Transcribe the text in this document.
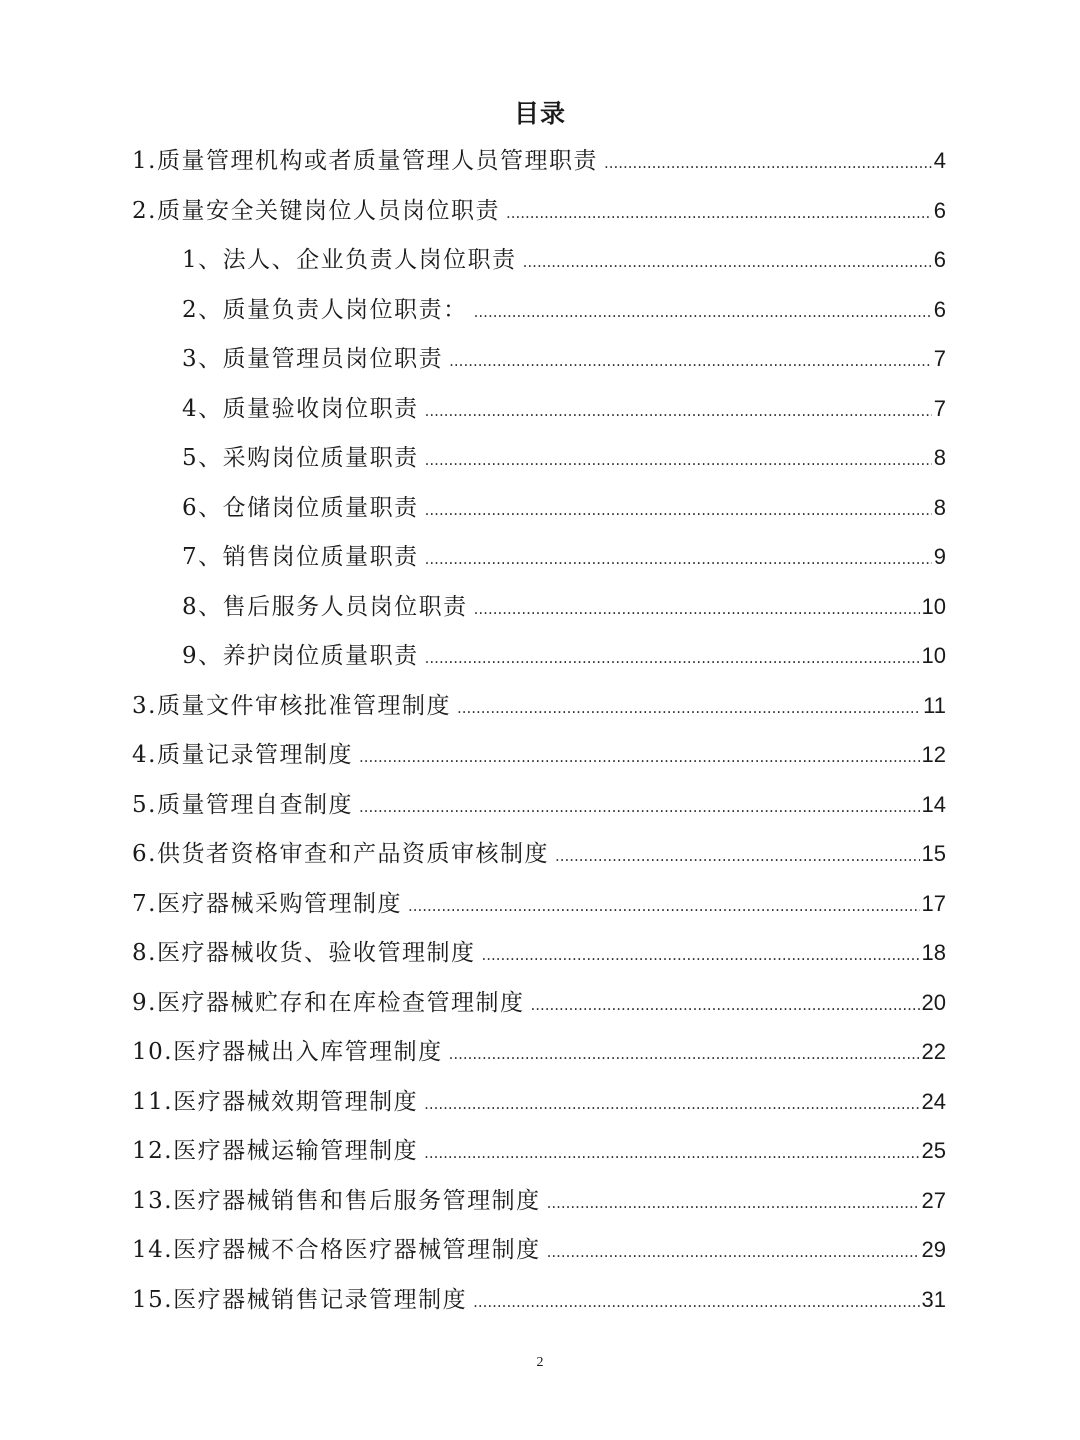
目录
1.质量管理机构或者质量管理人员管理职责 .....	4
2.质量安全关键岗位人员岗位职责 .....	6
1、法人、企业负责人岗位职责 .....	6
2、质量负责人岗位职责： .....	6
3、质量管理员岗位职责 .....	7
4、质量验收岗位职责 .....	7
5、采购岗位质量职责 .....	8
6、仓储岗位质量职责 .....	8
7、销售岗位质量职责 .....	9
8、售后服务人员岗位职责 .....	10
9、养护岗位质量职责 .....	10
3.质量文件审核批准管理制度 .....	11
4.质量记录管理制度 .....	12
5.质量管理自查制度 .....	14
6.供货者资格审查和产品资质审核制度 .....	15
7.医疗器械采购管理制度 .....	17
8.医疗器械收货、验收管理制度 .....	18
9.医疗器械贮存和在库检查管理制度 .....	20
10.医疗器械出入库管理制度 .....	22
11.医疗器械效期管理制度 .....	24
12.医疗器械运输管理制度 .....	25
13.医疗器械销售和售后服务管理制度 .....	27
14.医疗器械不合格医疗器械管理制度 .....	29
15.医疗器械销售记录管理制度 .....	31
2
